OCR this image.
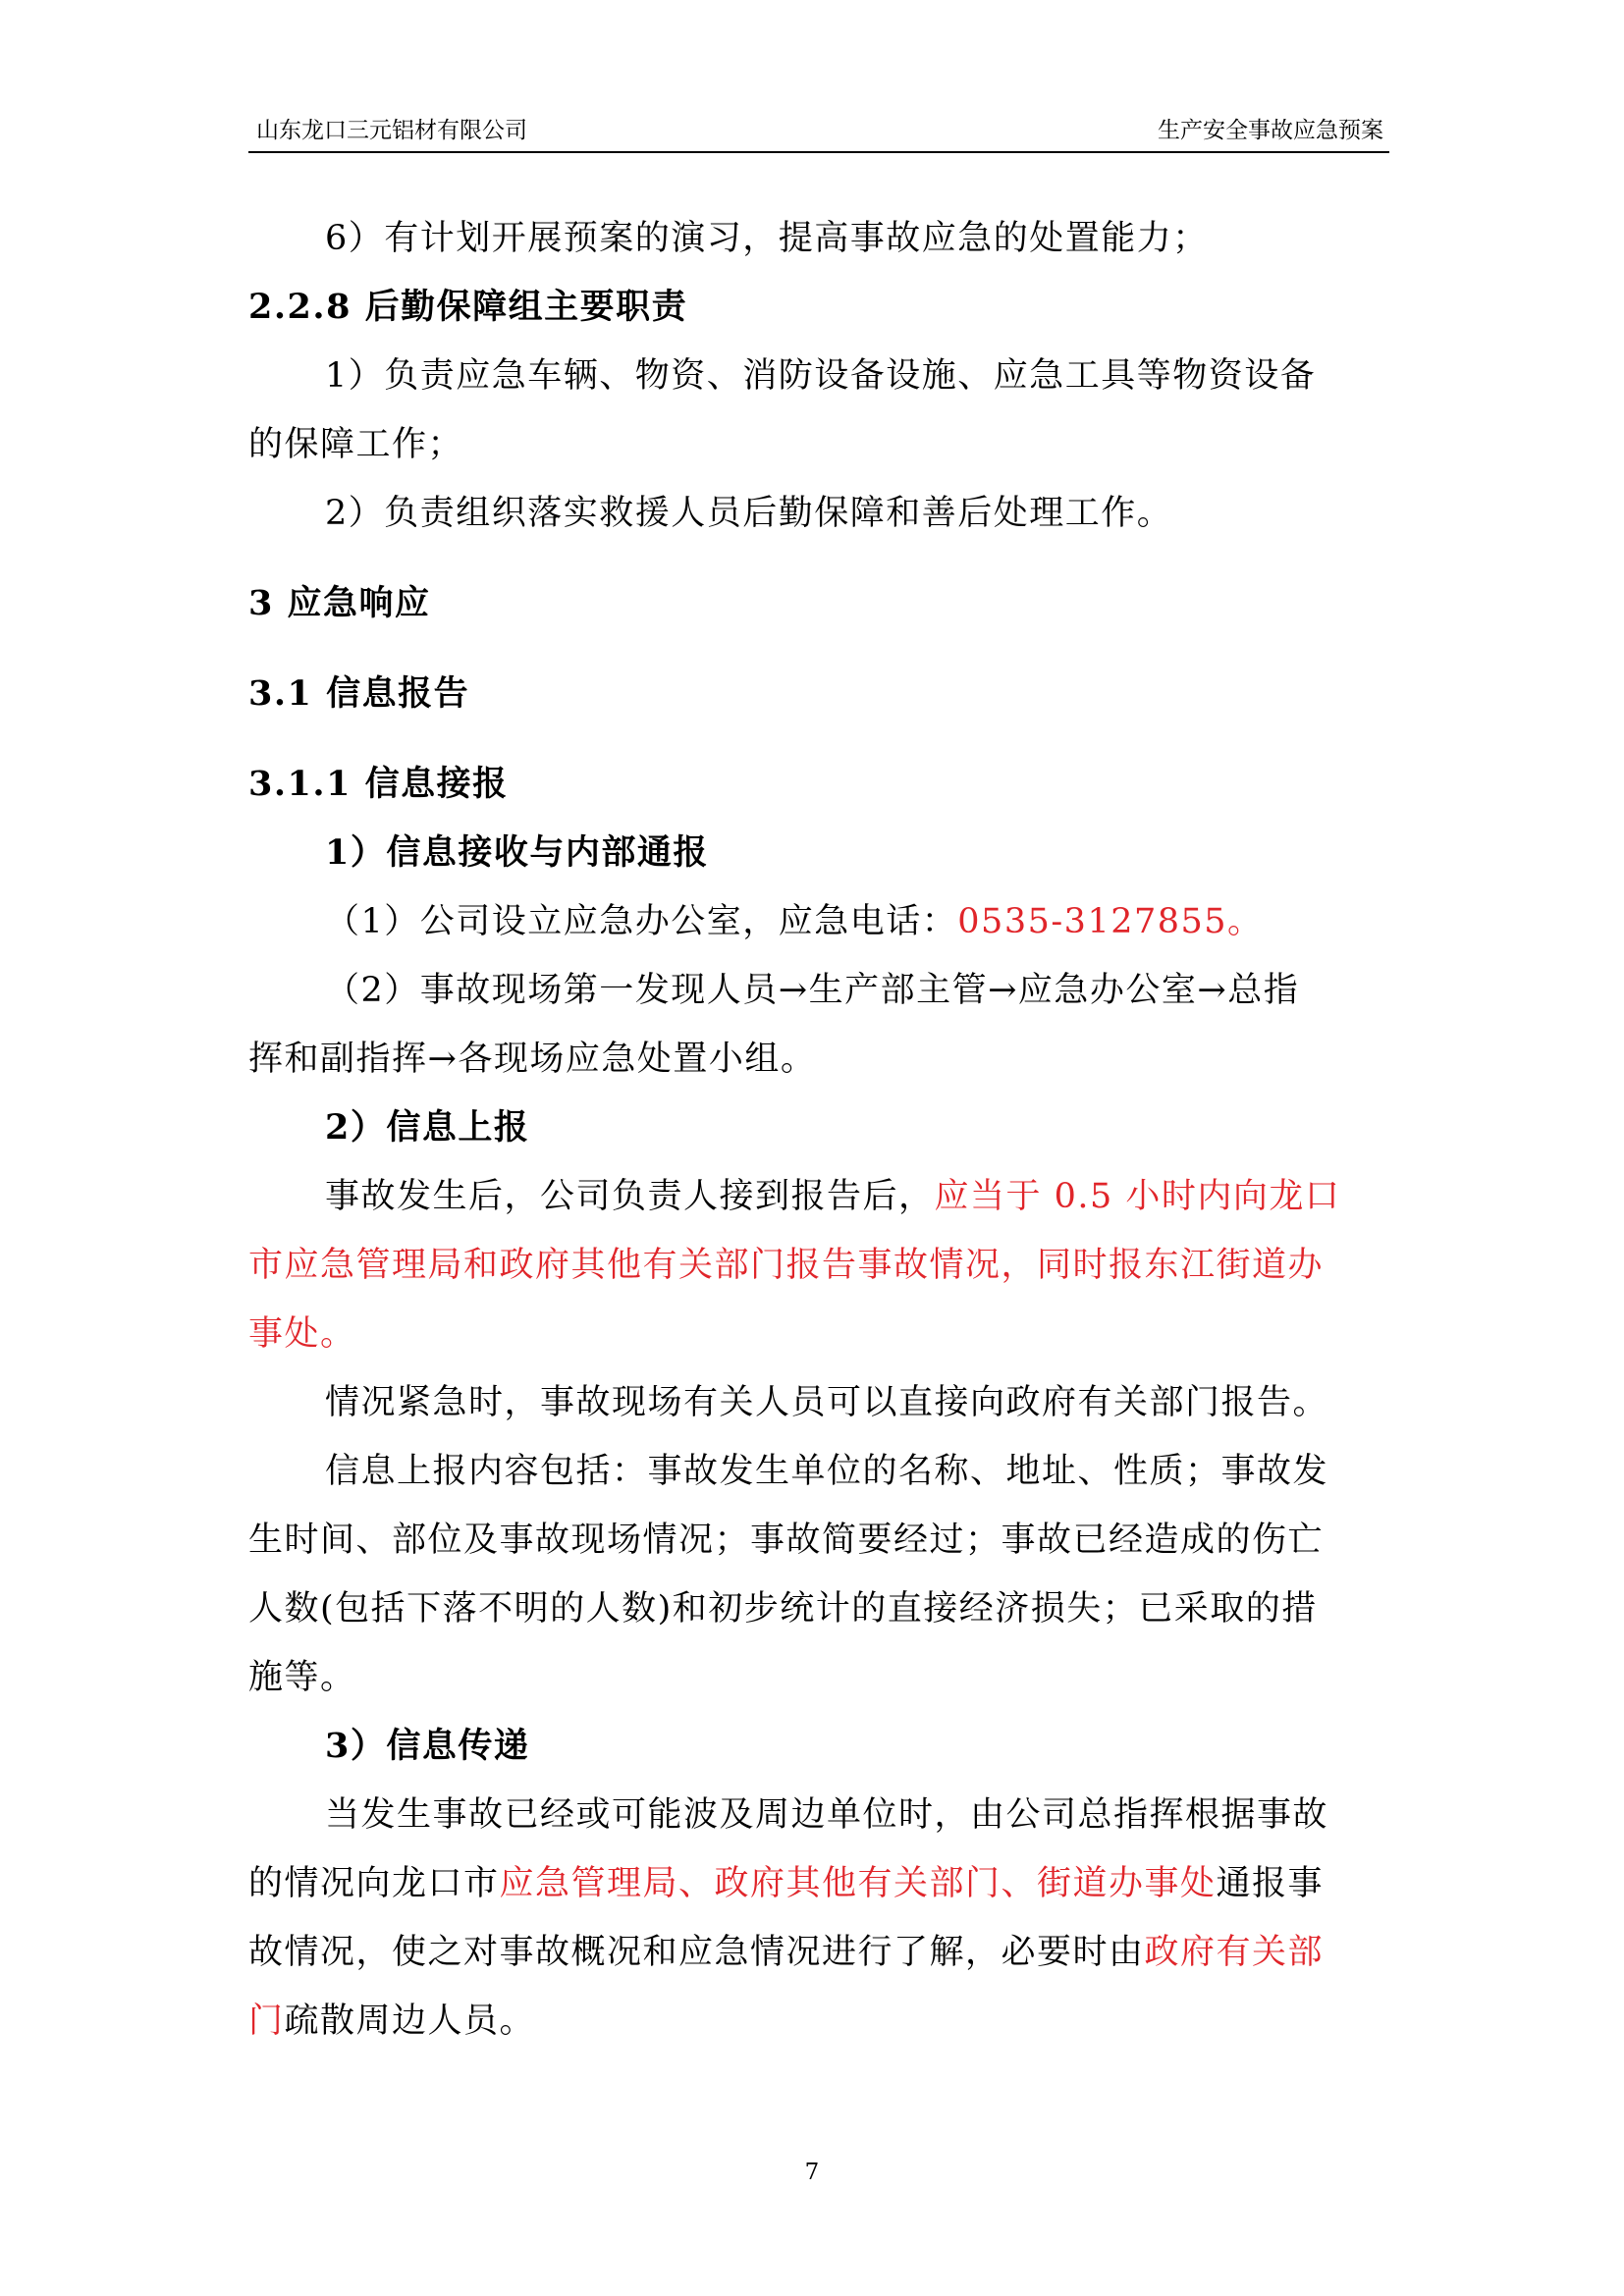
山东龙口三元铝材有限公司	生产安全事故应急预案
6）有计划开展预案的演习，提高事故应急的处置能力；
2.2.8 后勤保障组主要职责
1）负责应急车辆、物资、消防设备设施、应急工具等物资设备
的保障工作；
2）负责组织落实救援人员后勤保障和善后处理工作。
3 应急响应
3.1 信息报告
3.1.1 信息接报
1）信息接收与内部通报
（1）公司设立应急办公室，应急电话：0535-3127855。
（2）事故现场第一发现人员→生产部主管→应急办公室→总指
挥和副指挥→各现场应急处置小组。
2）信息上报
事故发生后，公司负责人接到报告后，应当于 0.5 小时内向龙口
市应急管理局和政府其他有关部门报告事故情况，同时报东江街道办
事处。
情况紧急时，事故现场有关人员可以直接向政府有关部门报告。
信息上报内容包括：事故发生单位的名称、地址、性质；事故发
生时间、部位及事故现场情况；事故简要经过；事故已经造成的伤亡
人数(包括下落不明的人数)和初步统计的直接经济损失；已采取的措
施等。
3）信息传递
当发生事故已经或可能波及周边单位时，由公司总指挥根据事故
的情况向龙口市应急管理局、政府其他有关部门、街道办事处通报事
故情况，使之对事故概况和应急情况进行了解，必要时由政府有关部
门疏散周边人员。
7
